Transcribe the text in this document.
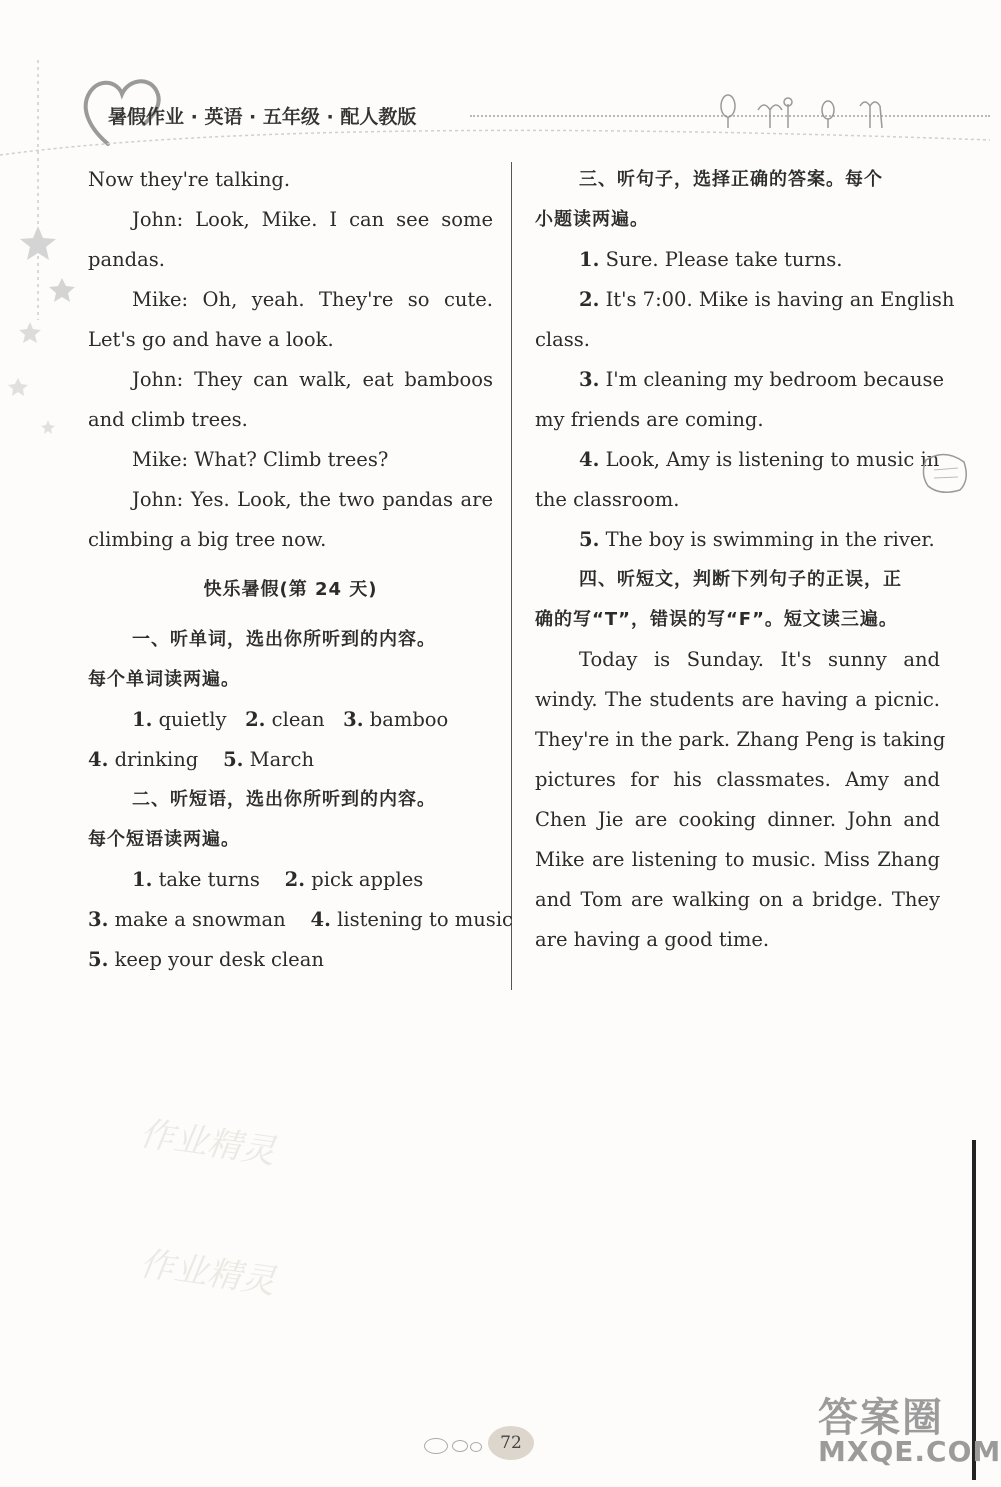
暑假作业 · 英语 · 五年级 · 配人教版
Now they're talking.
John: Look, Mike. I can see some
pandas.
Mike: Oh, yeah. They're so cute.
Let's go and have a look.
John: They can walk, eat bamboos
and climb trees.
Mike: What? Climb trees?
John: Yes. Look, the two pandas are
climbing a big tree now.
快乐暑假(第 24 天)
一、听单词，选出你所听到的内容。
每个单词读两遍。
1. quietly 2. clean 3. bamboo
4. drinking 5. March
二、听短语，选出你所听到的内容。
每个短语读两遍。
1. take turns 2. pick apples
3. make a snowman 4. listening to music
5. keep your desk clean
三、听句子，选择正确的答案。每个
小题读两遍。
1. Sure. Please take turns.
2. It's 7:00. Mike is having an English
class.
3. I'm cleaning my bedroom because
my friends are coming.
4. Look, Amy is listening to music in
the classroom.
5. The boy is swimming in the river.
四、听短文，判断下列句子的正误，正
确的写“T”，错误的写“F”。短文读三遍。
Today is Sunday. It's sunny and
windy. The students are having a picnic.
They're in the park. Zhang Peng is taking
pictures for his classmates. Amy and
Chen Jie are cooking dinner. John and
Mike are listening to music. Miss Zhang
and Tom are walking on a bridge. They
are having a good time.
作业精灵
作业精灵
72
答案圈
MXQE.COM
